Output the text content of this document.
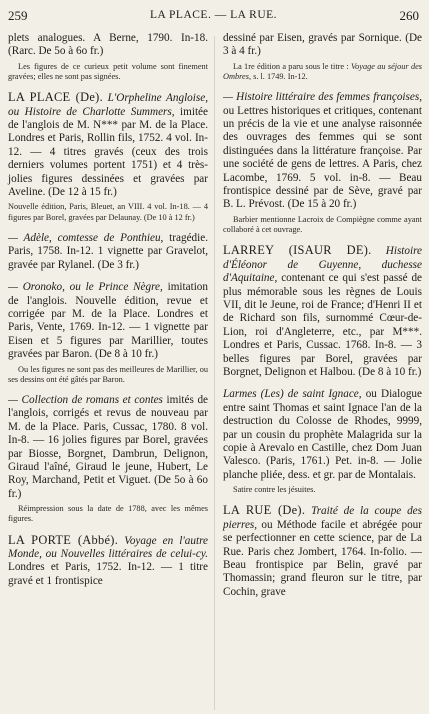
259	LA PLACE. — LA RUE.	260

plets analogues. A Berne, 1790. In-18. (Rarc. De 5o à 6o fr.)

Les figures de ce curieux petit volume sont finement gravées; elles ne sont pas signées.

LA PLACE (De). L'Orpheline Angloise, ou Histoire de Charlotte Summers, imitée de l'anglois de M. N*** par M. de la Place. Londres et Paris, Rollin fils, 1752. 4 vol. In-12. — 4 titres gravés (ceux des trois derniers volumes portent 1751) et 4 très-jolies figures dessinées et gravées par Aveline. (De 12 à 15 fr.)

Nouvelle édition, Paris, Bleuet, an VIII. 4 vol. In-18. — 4 figures par Borel, gravées par Delaunay. (De 10 à 12 fr.)

— Adèle, comtesse de Ponthieu, tragédie. Paris, 1758. In-12. 1 vignette par Gravelot, gravée par Rylanel. (De 3 fr.)

— Oronoko, ou le Prince Nègre, imitation de l'anglois. Nouvelle édition, revue et corrigée par M. de la Place. Londres et Paris, Vente, 1769. In-12. — 1 vignette par Eisen et 5 figures par Marillier, toutes gravées par Baron. (De 8 à 10 fr.)

Ou les figures ne sont pas des meilleures de Marillier, ou ses dessins ont été gâtés par Baron.

— Collection de romans et contes imités de l'anglois, corrigés et revus de nouveau par M. de la Place. Paris, Cussac, 1780. 8 vol. In-8. — 16 jolies figures par Borel, gravées par Biosse, Borgnet, Dambrun, Delignon, Giraud l'aîné, Giraud le jeune, Hubert, Le Roy, Marchand, Petit et Viguet. (De 5o à 6o fr.)

Réimpression sous la date de 1788, avec les mêmes figures.

LA PORTE (Abbé). Voyage en l'autre Monde, ou Nouvelles littéraires de celui-cy. Londres et Paris, 1752. In-12. — 1 titre gravé et 1 frontispice

dessiné par Eisen, gravés par Sornique. (De 3 à 4 fr.)

La 1re édition a paru sous le titre : Voyage au séjour des Ombres, s. l. 1749. In-12.

— Histoire littéraire des femmes françoises, ou Lettres historiques et critiques, contenant un précis de la vie et une analyse raisonnée des ouvrages des femmes qui se sont distinguées dans la littérature françoise. Par une société de gens de lettres. A Paris, chez Lacombe, 1769. 5 vol. in-8. — Beau frontispice dessiné par de Sève, gravé par B. L. Prévost. (De 15 à 20 fr.)

Barbier mentionne Lacroix de Compiègne comme ayant collaboré à cet ouvrage.

LARREY (ISAUR DE). Histoire d'Éléonor de Guyenne, duchesse d'Aquitaine, contenant ce qui s'est passé de plus mémorable sous les règnes de Louis VII, dit le Jeune, roi de France; d'Henri II et de Richard son fils, surnommé Cœur-de-Lion, roi d'Angleterre, etc., par M***. Londres et Paris, Cussac. 1768. In-8. — 3 belles figures par Borel, gravées par Borgnet, Delignon et Halbou. (De 8 à 10 fr.)

Larmes (Les) de saint Ignace, ou Dialogue entre saint Thomas et saint Ignace l'an de la destruction du Colosse de Rhodes, 9999, par un cousin du prophète Malagrida sur la copie à Arevalo en Castille, chez Dom Juan Valesco. (Paris, 1761.) Pet. in-8. — Jolie planche pliée, dess. et gr. par de Montalais.

Satire contre les jésuites.

LA RUE (De). Traité de la coupe des pierres, ou Méthode facile et abrégée pour se perfectionner en cette science, par de La Rue. Paris chez Jombert, 1764. In-folio. — Beau frontispice par Belin, gravé par Thomassin; grand fleuron sur le titre, par Cochin, grave
